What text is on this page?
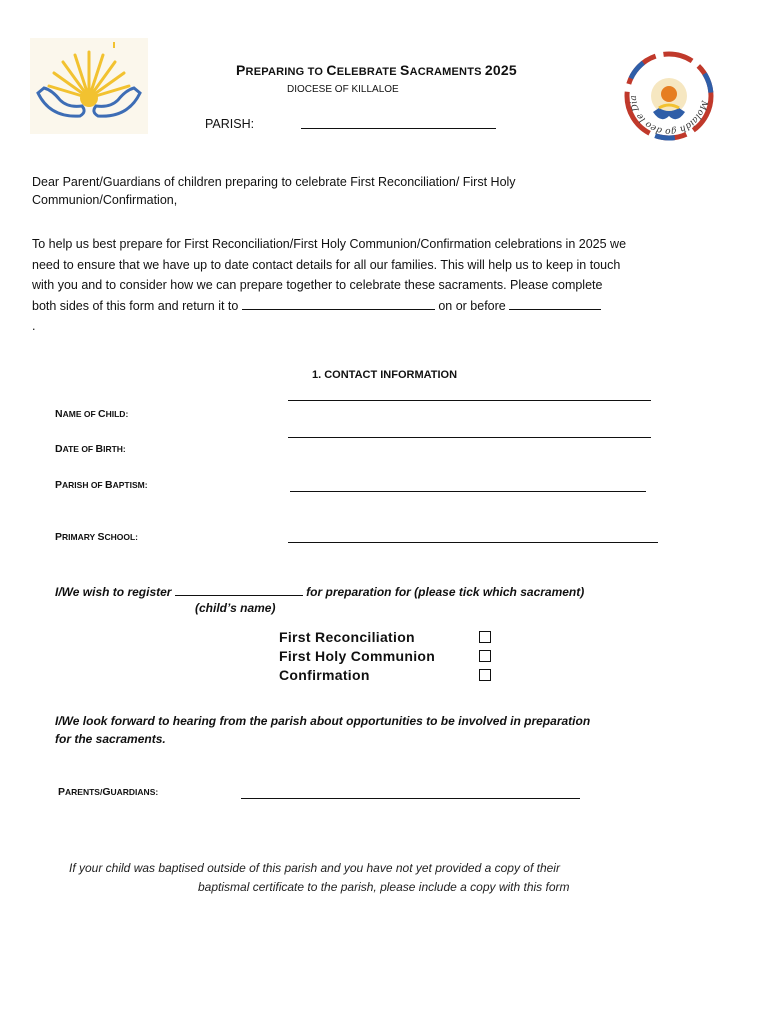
PREPARING TO CELEBRATE SACRAMENTS 2025
DIOCESE OF KILLALOE
PARISH:
Molaidh go deo le Dia
Dear Parent/Guardians of children preparing to celebrate First Reconciliation/ First Holy
Communion/Confirmation,
To help us best prepare for First Reconciliation/First Holy Communion/Confirmation celebrations in 2025 we
need to ensure that we have up to date contact details for all our families. This will help us to keep in touch
with you and to consider how we can prepare together to celebrate these sacraments. Please complete
both sides of this form and return it to	on or before
.
1. CONTACT INFORMATION
NAME OF CHILD:
DATE OF BIRTH:
PARISH OF BAPTISM:
PRIMARY SCHOOL:
I/We wish to register	for preparation for (please tick which sacrament)
(child’s name)
First Reconciliation
First Holy Communion
Confirmation
I/We look forward to hearing from the parish about opportunities to be involved in preparation
for the sacraments.
PARENTS/GUARDIANS:
If your child was baptised outside of this parish and you have not yet provided a copy of their
baptismal certificate to the parish, please include a copy with this form
